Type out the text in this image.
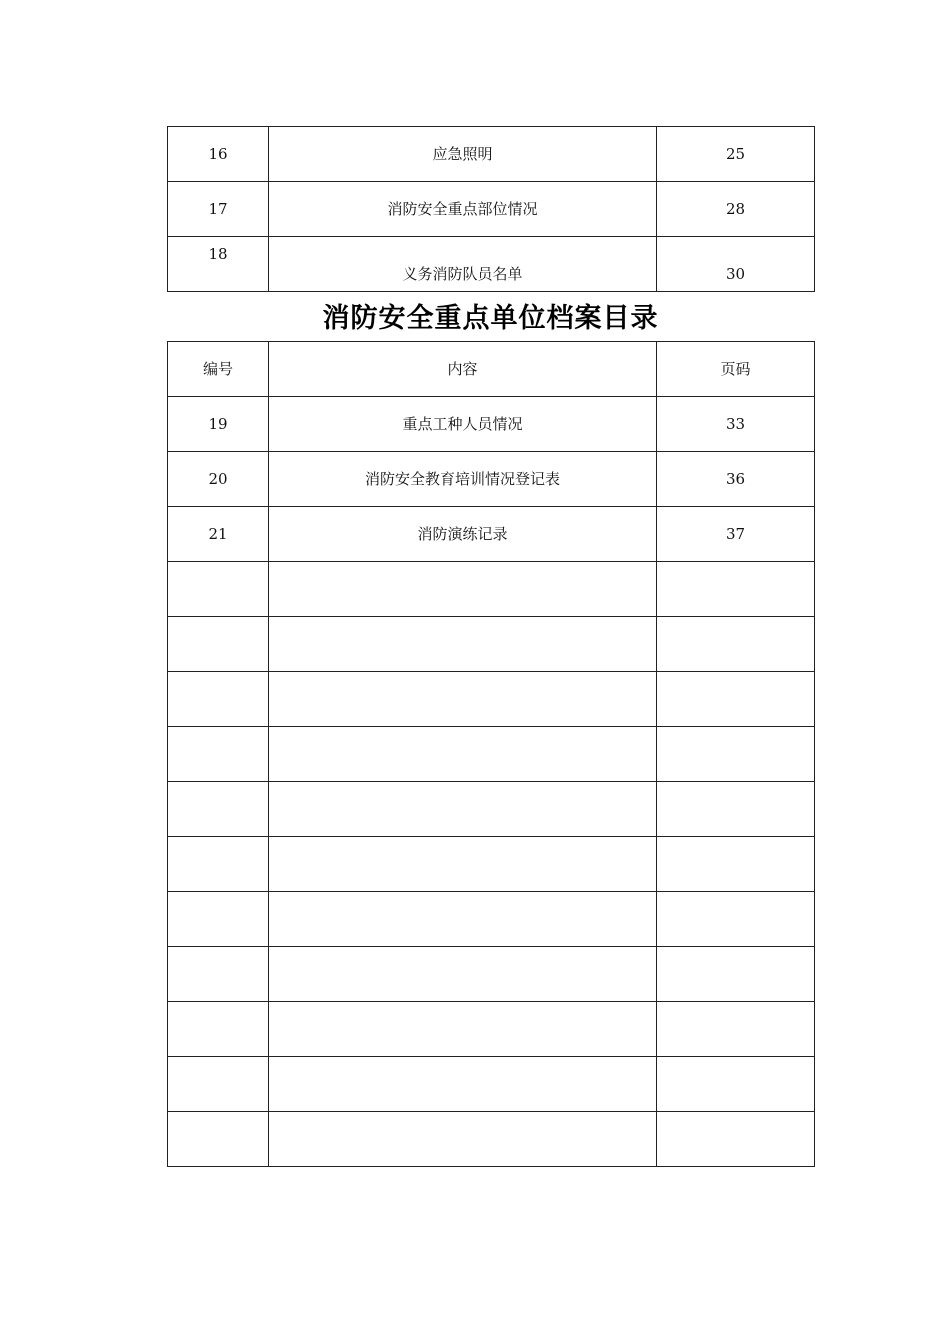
16	应急照明	25
17	消防安全重点部位情况	28

18	义务消防队员名单	30
消防安全重点单位档案目录
编号	内容	页码
19	重点工种人员情况	33
20	消防安全教育培训情况登记表	36
21	消防演练记录	37
